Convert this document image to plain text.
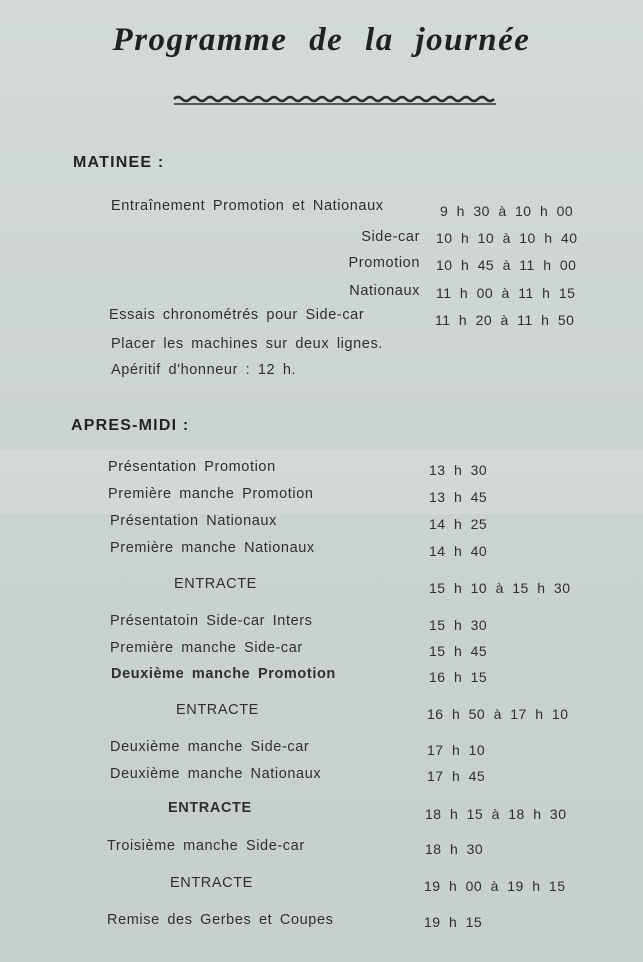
Programme de la journée
MATINEE :
Entraînement Promotion et Nationaux	9 h 30 à 10 h 00
Side-car 10 h 10 à 10 h 40
Promotion 10 h 45 à 11 h 00
Nationaux 11 h 00 à 11 h 15
Essais chronométrés pour Side-car	11 h 20 à 11 h 50
Placer les machines sur deux lignes.
Apéritif d'honneur : 12 h.
APRES-MIDI :
Présentation Promotion	13 h 30
Première manche Promotion	13 h 45
Présentation Nationaux	14 h 25
Première manche Nationaux	14 h 40
ENTRACTE	15 h 10 à 15 h 30
Présentatoin Side-car Inters	15 h 30
Première manche Side-car	15 h 45
Deuxième manche Promotion	16 h 15
ENTRACTE	16 h 50 à 17 h 10
Deuxième manche Side-car	17 h 10
Deuxième manche Nationaux	17 h 45
ENTRACTE	18 h 15 à 18 h 30
Troisième manche Side-car	18 h 30
ENTRACTE	19 h 00 à 19 h 15
Remise des Gerbes et Coupes	19 h 15
